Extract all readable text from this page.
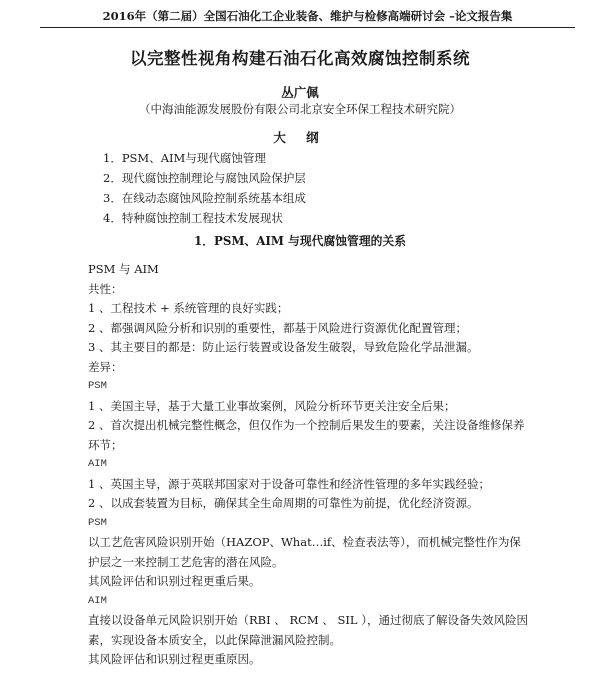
2016年（第二届）全国石油化工企业装备、维护与检修高端研讨会 –论文报告集
以完整性视角构建石油石化高效腐蚀控制系统
丛广佩
（中海油能源发展股份有限公司北京安全环保工程技术研究院）
大 纲
1．PSM、AIM与现代腐蚀管理
2．现代腐蚀控制理论与腐蚀风险保护层
3．在线动态腐蚀风险控制系统基本组成
4．特种腐蚀控制工程技术发展现状
1．PSM、AIM 与现代腐蚀管理的关系
PSM 与 AIM
共性：
1 、工程技术 + 系统管理的良好实践；
2 、都强调风险分析和识别的重要性，都基于风险进行资源优化配置管理；
3 、其主要目的都是：防止运行装置或设备发生破裂，导致危险化学品泄漏。
差异：
PSM
1 、美国主导，基于大量工业事故案例，风险分析环节更关注安全后果；
2 、首次提出机械完整性概念，但仅作为一个控制后果发生的要素，关注设备维修保养环节；
AIM
1 、英国主导，源于英联邦国家对于设备可靠性和经济性管理的多年实践经验；
2 、以成套装置为目标，确保其全生命周期的可靠性为前提，优化经济资源。
PSM
以工艺危害风险识别开始（HAZOP、What…if、检查表法等），而机械完整性作为保护层之一来控制工艺危害的潜在风险。
其风险评估和识别过程更重后果。
AIM
直接以设备单元风险识别开始（RBI 、 RCM 、 SIL ），通过彻底了解设备失效风险因素，实现设备本质安全，以此保障泄漏风险控制。
其风险评估和识别过程更重原因。
